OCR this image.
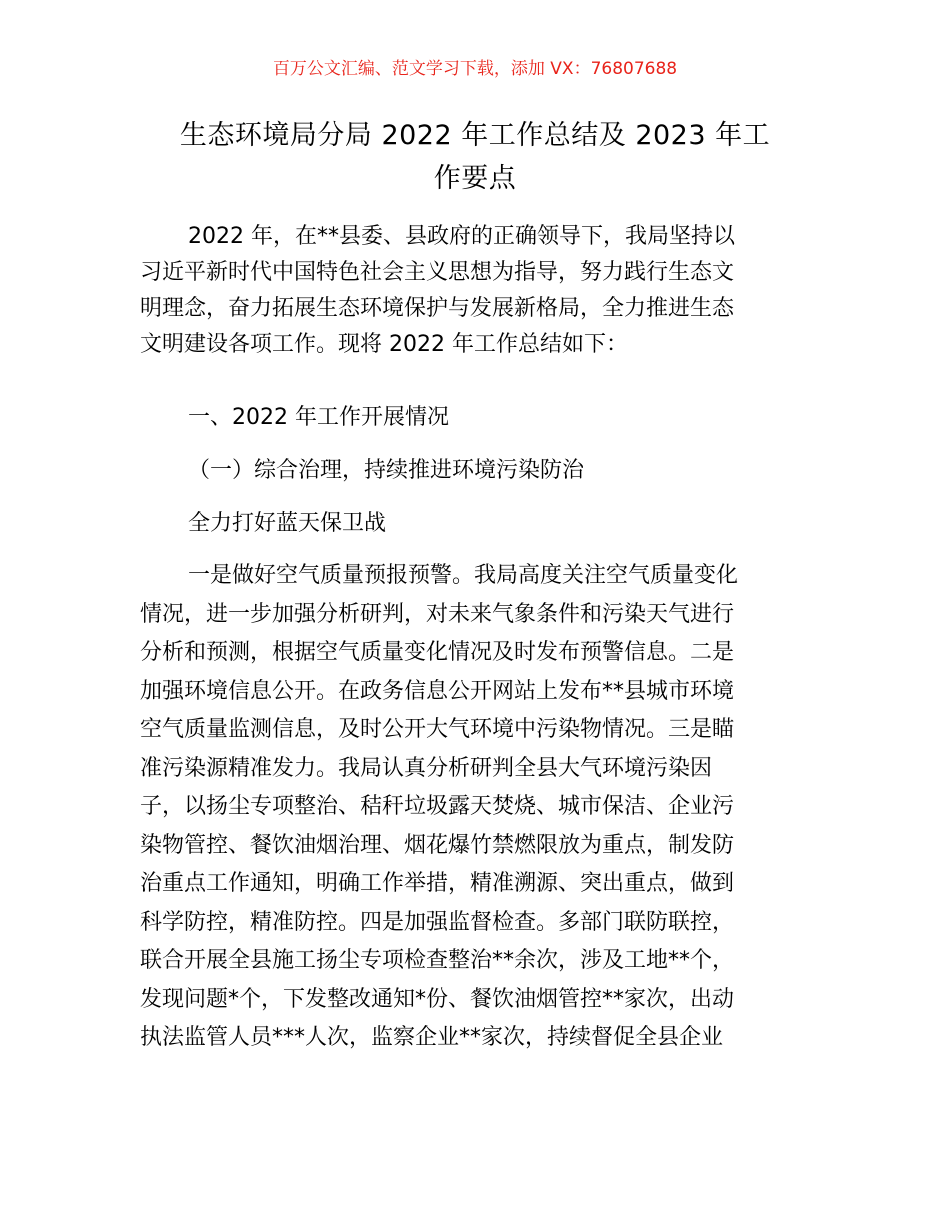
百万公文汇编、范文学习下载，添加 VX：76807688
生态环境局分局 2022 年工作总结及 2023 年工
作要点
2022 年，在**县委、县政府的正确领导下，我局坚持以
习近平新时代中国特色社会主义思想为指导，努力践行生态文
明理念，奋力拓展生态环境保护与发展新格局，全力推进生态
文明建设各项工作。现将 2022 年工作总结如下：
一、2022 年工作开展情况
（一）综合治理，持续推进环境污染防治
全力打好蓝天保卫战
一是做好空气质量预报预警。我局高度关注空气质量变化
情况，进一步加强分析研判，对未来气象条件和污染天气进行
分析和预测，根据空气质量变化情况及时发布预警信息。二是
加强环境信息公开。在政务信息公开网站上发布**县城市环境
空气质量监测信息，及时公开大气环境中污染物情况。三是瞄
准污染源精准发力。我局认真分析研判全县大气环境污染因
子，以扬尘专项整治、秸秆垃圾露天焚烧、城市保洁、企业污
染物管控、餐饮油烟治理、烟花爆竹禁燃限放为重点，制发防
治重点工作通知，明确工作举措，精准溯源、突出重点，做到
科学防控，精准防控。四是加强监督检查。多部门联防联控，
联合开展全县施工扬尘专项检查整治**余次，涉及工地**个，
发现问题*个，下发整改通知*份、餐饮油烟管控**家次，出动
执法监管人员***人次，监察企业**家次，持续督促全县企业
